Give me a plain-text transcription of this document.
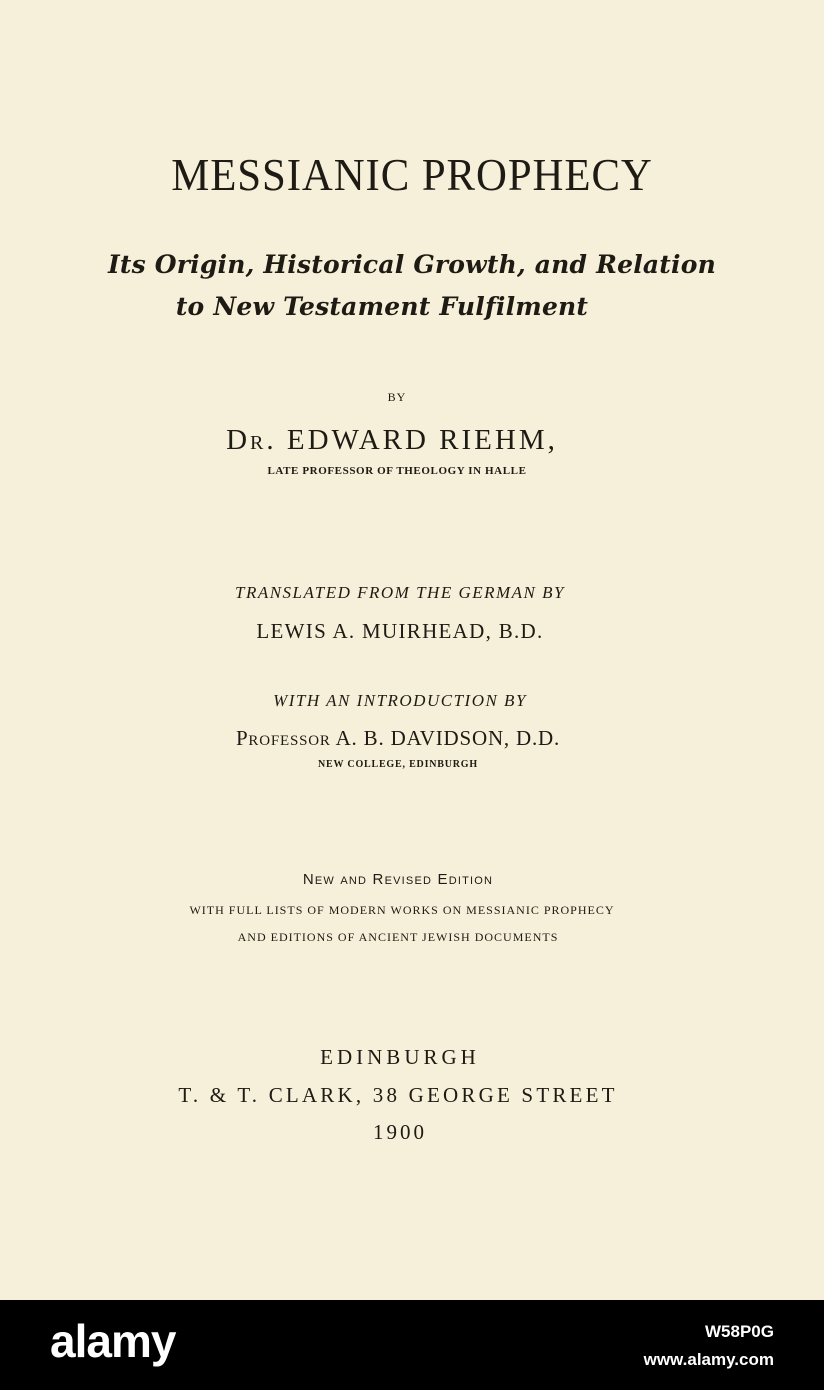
MESSIANIC PROPHECY
Its Origin, Historical Growth, and Relation
to New Testament Fulfilment
BY
Dr. EDWARD RIEHM,
LATE PROFESSOR OF THEOLOGY IN HALLE
TRANSLATED FROM THE GERMAN BY
LEWIS A. MUIRHEAD, B.D.
WITH AN INTRODUCTION BY
Professor A. B. DAVIDSON, D.D.
NEW COLLEGE, EDINBURGH
New and Revised Edition
WITH FULL LISTS OF MODERN WORKS ON MESSIANIC PROPHECY
AND EDITIONS OF ANCIENT JEWISH DOCUMENTS
EDINBURGH
T. & T. CLARK, 38 GEORGE STREET
1900
alamy	W58P0G
www.alamy.com
